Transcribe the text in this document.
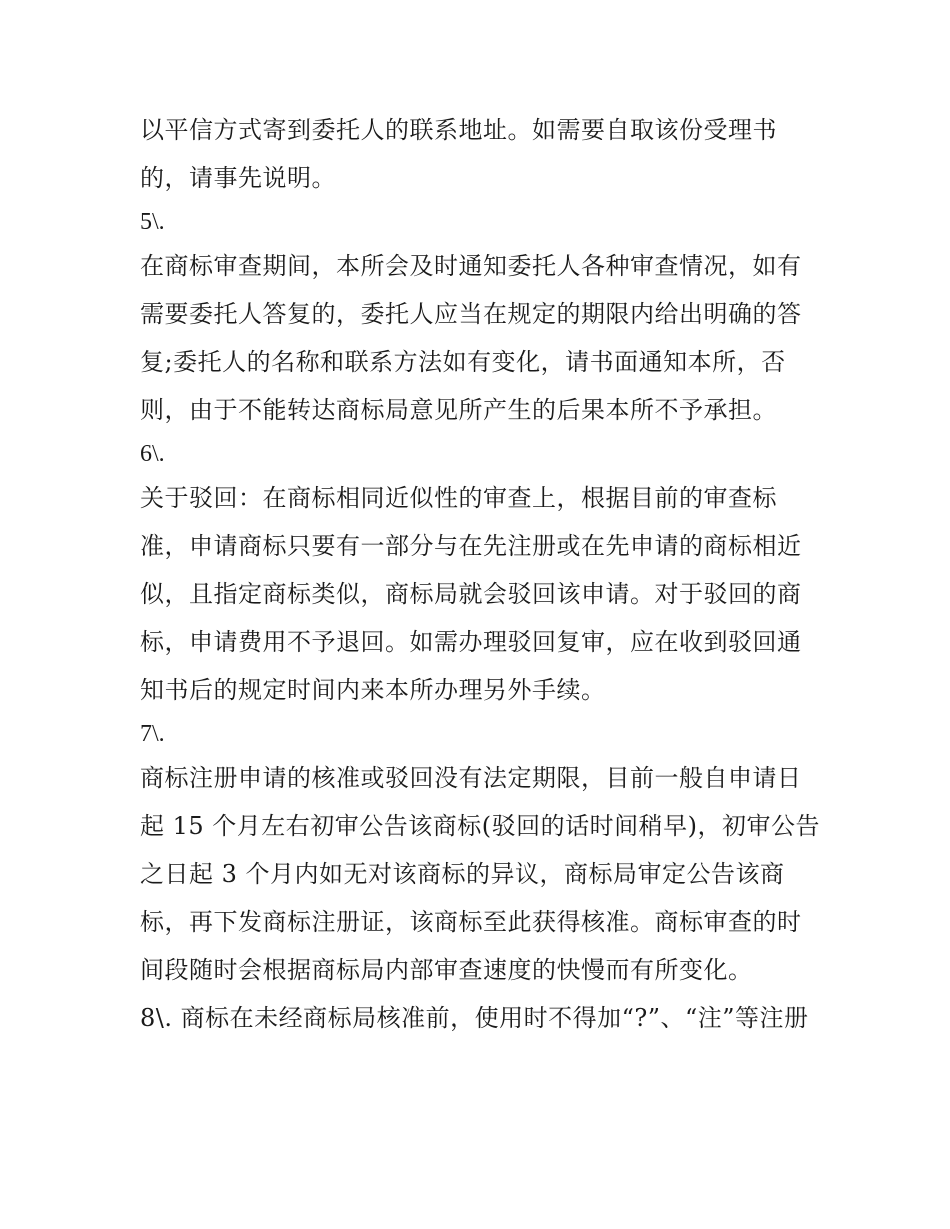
以平信方式寄到委托人的联系地址。如需要自取该份受理书
的，请事先说明。
5\.
在商标审查期间，本所会及时通知委托人各种审查情况，如有
需要委托人答复的，委托人应当在规定的期限内给出明确的答
复;委托人的名称和联系方法如有变化，请书面通知本所，否
则，由于不能转达商标局意见所产生的后果本所不予承担。
6\.
关于驳回：在商标相同近似性的审查上，根据目前的审查标
准，申请商标只要有一部分与在先注册或在先申请的商标相近
似，且指定商标类似，商标局就会驳回该申请。对于驳回的商
标，申请费用不予退回。如需办理驳回复审，应在收到驳回通
知书后的规定时间内来本所办理另外手续。
7\.
商标注册申请的核准或驳回没有法定期限，目前一般自申请日
起 15 个月左右初审公告该商标(驳回的话时间稍早)，初审公告
之日起 3 个月内如无对该商标的异议，商标局审定公告该商
标，再下发商标注册证，该商标至此获得核准。商标审查的时
间段随时会根据商标局内部审查速度的快慢而有所变化。
8\. 商标在未经商标局核准前，使用时不得加“?”、“注”等注册
